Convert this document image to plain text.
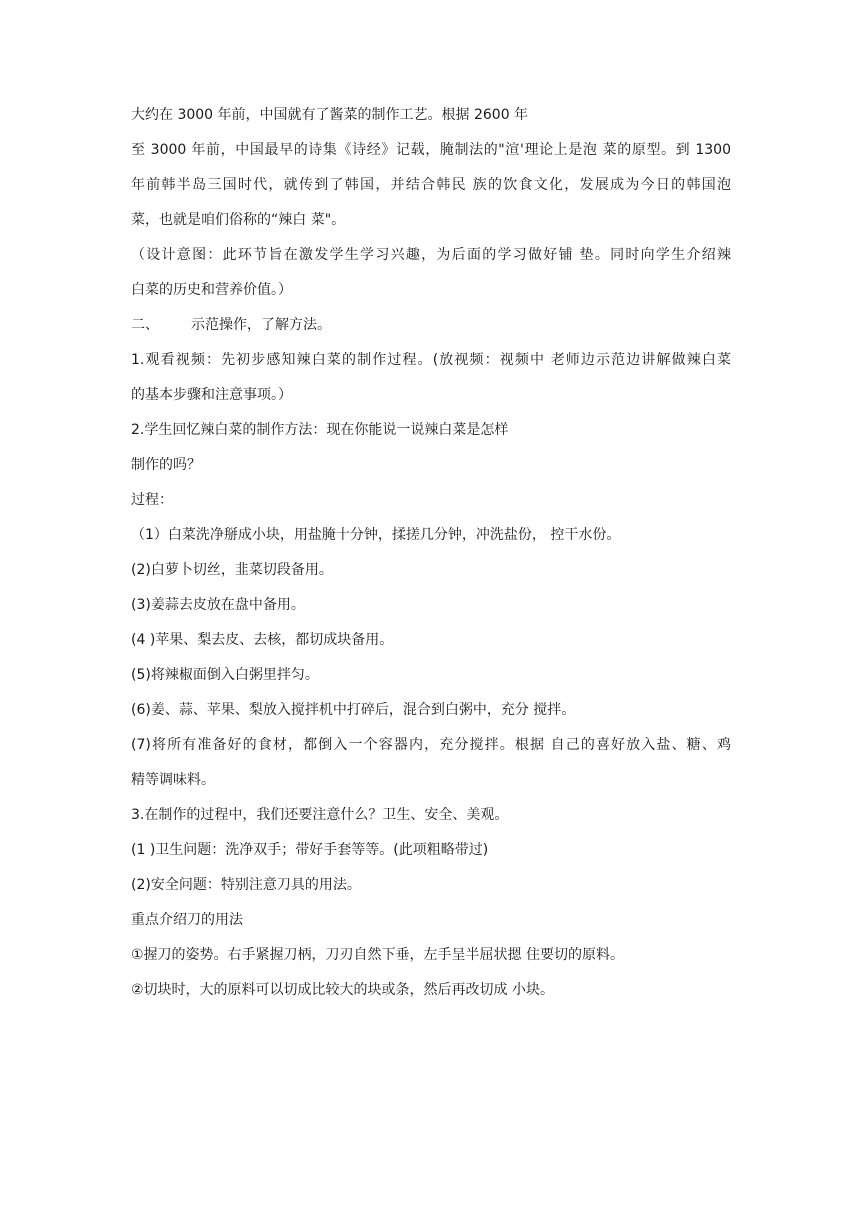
大约在 3000 年前，中国就有了酱菜的制作工艺。根据 2600 年
至 3000 年前，中国最早的诗集《诗经》记载，腌制法的"渲'理论上是泡 菜的原型。到 1300
年前韩半岛三国时代，就传到了韩国，并结合韩民 族的饮食文化，发展成为今日的韩国泡
菜，也就是咱们俗称的“辣白 菜"。
（设计意图：此环节旨在激发学生学习兴趣，为后面的学习做好铺 垫。同时向学生介绍辣
白菜的历史和营养价值。）
二、 示范操作，了解方法。
1.观看视频：先初步感知辣白菜的制作过程。(放视频：视频中 老师边示范边讲解做辣白菜
的基本步骤和注意事项。）
2.学生回忆辣白菜的制作方法：现在你能说一说辣白菜是怎样
制作的吗？
过程：
（1）白菜洗净掰成小块，用盐腌十分钟，揉搓几分钟，冲洗盐份， 控干水份。
(2)白萝卜切丝，韭菜切段备用。
(3)姜蒜去皮放在盘中备用。
(4 )苹果、梨去皮、去核，都切成块备用。
(5)将辣椒面倒入白粥里拌匀。
(6)姜、蒜、苹果、梨放入搅拌机中打碎后，混合到白粥中，充分 搅拌。
(7)将所有准备好的食材，都倒入一个容器内，充分搅拌。根据 自己的喜好放入盐、糖、鸡
精等调味料。
3.在制作的过程中，我们还要注意什么？卫生、安全、美观。
(1 )卫生问题：洗净双手；带好手套等等。(此项粗略带过)
(2)安全问题：特别注意刀具的用法。
重点介绍刀的用法
①握刀的姿势。右手紧握刀柄，刀刃自然下垂，左手呈半屈状摁 住要切的原料。
②切块时，大的原料可以切成比较大的块或条，然后再改切成 小块。
